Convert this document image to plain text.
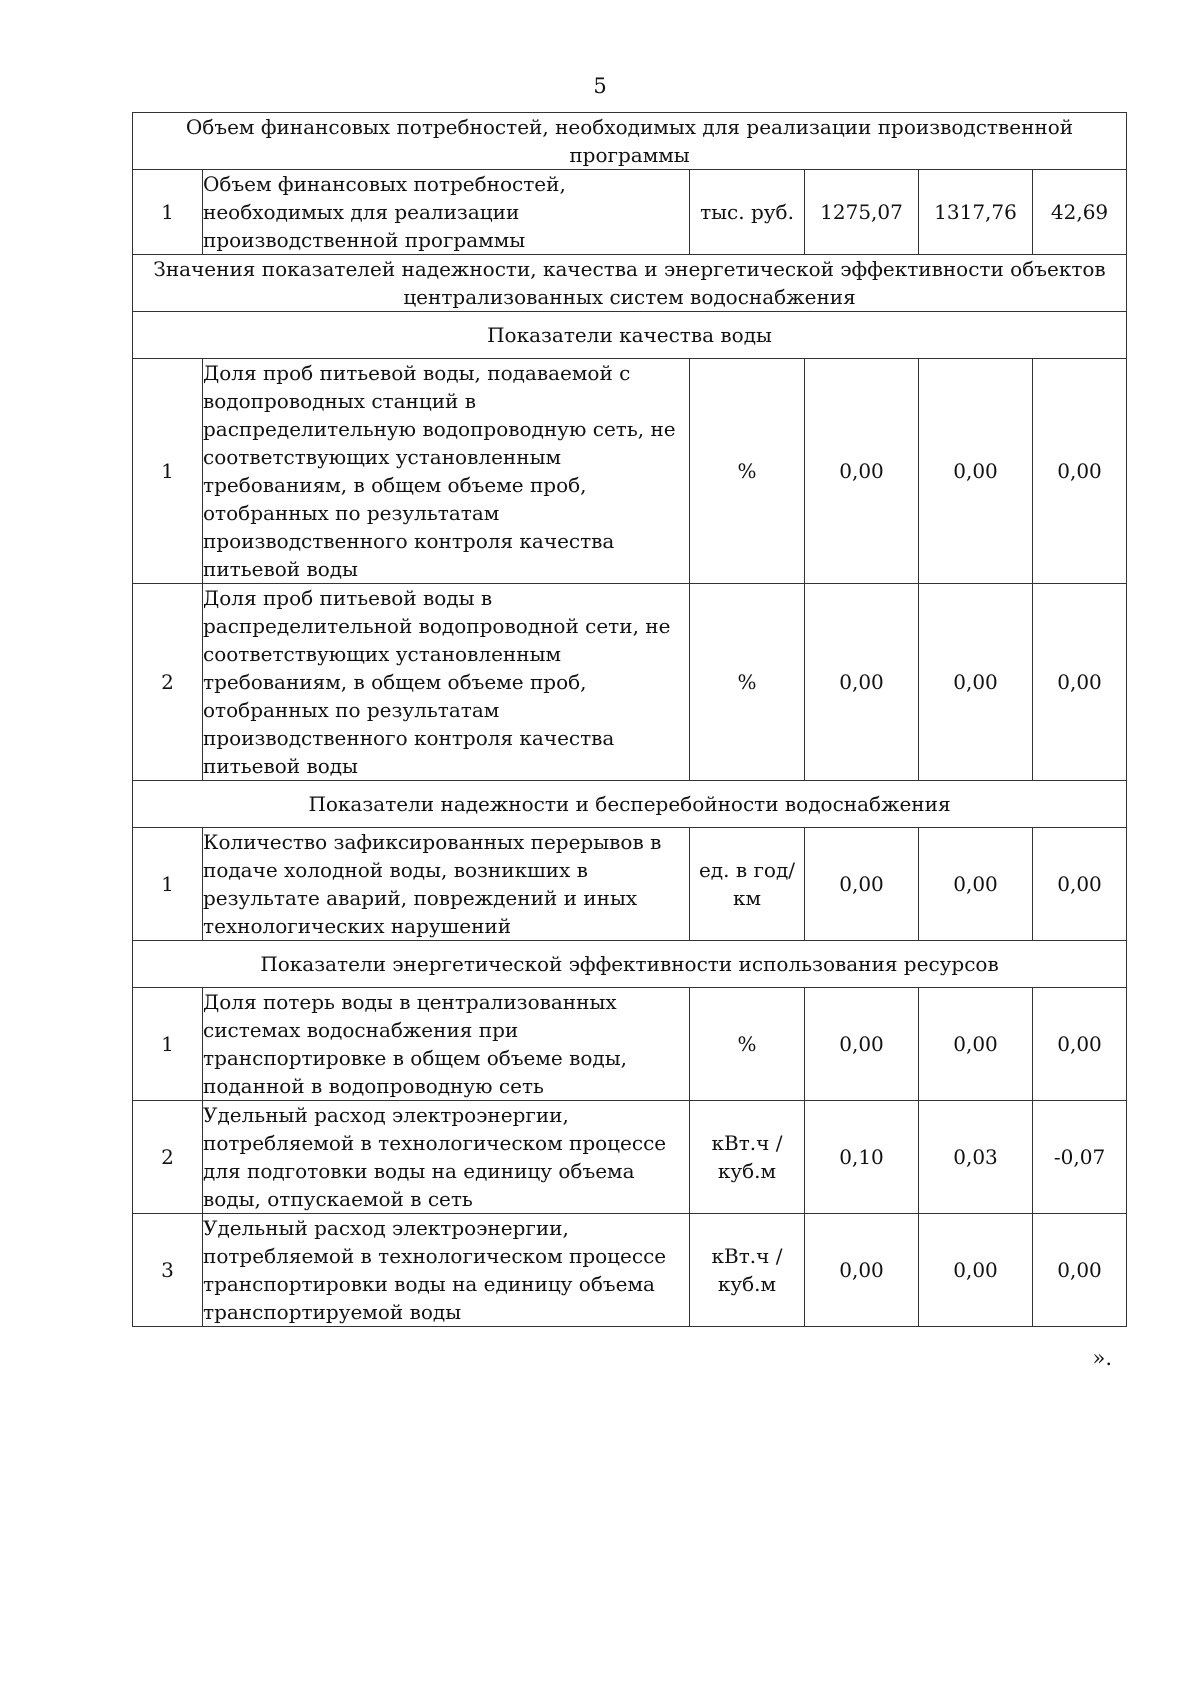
5
Объем финансовых потребностей, необходимых для реализации производственной программы					
1	Объем финансовых потребностей, необходимых для реализации производственной программы	тыс. руб.	1275,07	1317,76	42,69
Значения показателей надежности, качества и энергетической эффективности объектов централизованных систем водоснабжения					
Показатели качества воды					
1	Доля проб питьевой воды, подаваемой с водопроводных станций в распределительную водопроводную сеть, не соответствующих установленным требованиям, в общем объеме проб, отобранных по результатам производственного контроля качества питьевой воды	%	0,00	0,00	0,00
2	Доля проб питьевой воды в распределительной водопроводной сети, не соответствующих установленным требованиям, в общем объеме проб, отобранных по результатам производственного контроля качества питьевой воды	%	0,00	0,00	0,00
Показатели надежности и бесперебойности водоснабжения					
1	Количество зафиксированных перерывов в подаче холодной воды, возникших в результате аварий, повреждений и иных технологических нарушений	ед. в год/ км	0,00	0,00	0,00
Показатели энергетической эффективности использования ресурсов					
1	Доля потерь воды в централизованных системах водоснабжения при транспортировке в общем объеме воды, поданной в водопроводную сеть	%	0,00	0,00	0,00
2	Удельный расход электроэнергии, потребляемой в технологическом процессе для подготовки воды на единицу объема воды, отпускаемой в сеть	кВт.ч / куб.м	0,10	0,03	-0,07
3	Удельный расход электроэнергии, потребляемой в технологическом процессе транспортировки воды на единицу объема транспортируемой воды	кВт.ч / куб.м	0,00	0,00	0,00
».
